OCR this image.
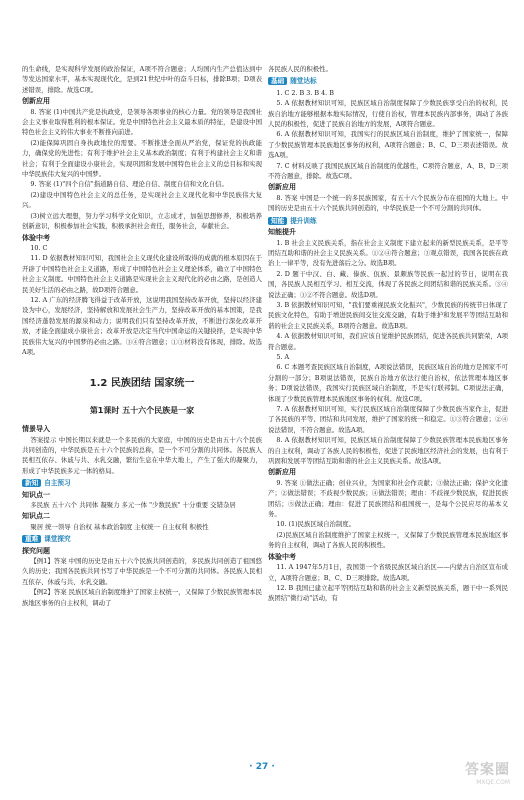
的生命线，是实现科学发展的政治保证，A项不符合题意；人均国内生产总值达到中等发达国家水平，基本实现现代化，是到21世纪中叶的奋斗目标，排除B项；D项表述错误，排除。故选C项。

创新应用

8. 答案 (1)中国共产党是执政党，是领导各项事业的核心力量。党的领导是我国社会主义事业取得胜利的根本保证。党是中国特色社会主义最本质的特征，是建设中国特色社会主义的伟大事业不断推向前进。

(2)能保障巩固自身执政地位的需要。不断推进全面从严治党，保证党的执政能力，确保党的先进性；有利于维护社会主义基本政治制度；有利于构建社会主义和谐社会；有利于全面建设小康社会，实现巩固和发展中国特色社会主义的总目标和实现中华民族伟大复兴的中国梦。

9. 答案 (1)"四个自信"指道路自信、理论自信、制度自信和文化自信。

(2)建设中国特色社会主义的总任务，是实现社会主义现代化和中华民族伟大复兴。

(3)树立远大理想，努力学习科学文化知识，立志成才，加强思想修养，积极培养创新意识，积极参加社会实践，积极承担社会责任，服务社会，奉献社会。

体验中考

10. C

11. D 依据教材知识可知，我国社会主义现代化建设所取得的成就的根本原因在于开辟了中国特色社会主义道路，形成了中国特色社会主义理论体系，确立了中国特色社会主义制度。中国特色社会主义道路是实现社会主义现代化的必由之路，是创造人民美好生活的必由之路，故D项符合题意。

12. A 广东的经济腾飞得益于改革开放，这说明我国坚持改革开放，坚持以经济建设为中心，发展经济，坚持解放和发展社会生产力，坚持改革开放的基本国策，是我国经济蓬勃发展的源泉和动力；说明我们只有坚持改革开放，不断进行深化改革开放，才能全面建成小康社会；改革开放是决定当代中国命运的关键抉择，是实现中华民族伟大复兴的中国梦的必由之路。③④符合题意；①③材料没有体现，排除。故选A项。

1.2 民族团结 国家统一
第1课时 五十六个民族是一家
情景导入

答案提示 中国长期以来就是一个多民族的大家庭，中国的历史是由五十六个民族共同创造的，中华民族是五十六个民族的总称，是一个不可分割的共同体。各民族人民相互依存、休戚与共、水乳交融，繁衍生息在中华大地上，产生了强大的凝聚力，形成了中华民族多元一体的格局。

新知 自主预习
知识点一

多民族 五十六个 共同体 凝聚力 多元一体 "少数民族" 十分重要 交错杂居

知识点二

聚居 统一领导 自治权 基本政治制度 主权统一 自主权利 积极性

重难 课堂探究
探究问题

【例1】答案 中国的历史是由五十六个民族共同创造的，多民族共同创造了祖国悠久的历史；我国各民族共同书写了中华民族是一个不可分割的共同体。各民族人民相互依存、休戚与共、水乳交融。

【例2】答案 民族区域自治制度维护了国家主权统一，又保障了少数民族管理本民族地区事务的自主权利，调动了

各民族人民的积极性。

基础 随堂达标

1. C 2. B 3. B 4. B

5. A 依据教材知识可知，民族区域自治制度保障了少数民族享受自治的权利，民族自治地方能够根据本地实际情况，行使自治权，管理本民族内部事务，调动了各族人民的积极性，促进了民族自治地方的发展，A项符合题意。

6. A 依据教材知识可知，我国实行的民族区域自治制度，维护了国家统一，保障了少数民族管理本民族地区事务的权利，A项符合题意；B、C、D三项表述错误。故选A项。

7. C 材料反映了我国民族区域自治制度的优越性，C项符合题意，A、B、D三项不符合题意，排除。故选C项。

创新应用

8. 答案 中国是一个统一的多民族国家，有五十六个民族分布在祖国的大地上。中国的历史是由五十六个民族共同创造的，中华民族是一个不可分割的共同体。

知能 提升训练
知能提升

1. B 社会主义民族关系，指在社会主义制度下建立起来的新型民族关系，是平等团结互助和谐的社会主义民族关系。①②④符合题意；③观点错误，我国各民族在政治上一律平等，没有先进落后之分。故选B项。

2. D 题干中汉、白、藏、傣族、佤族、景颇族等民族一起过的节日，说明在我国，各民族人民相互学习、相互交流，体现了各民族之间团结和谐的民族关系。③④说法正确；①②不符合题意。故选D项。

3. B 依据教材知识可知，"我们要重视民族文化振兴"，少数民族的传统节日体现了民族文化特色，有助于增进民族间交往交流交融，有助于维护和发展平等团结互助和谐的社会主义民族关系，B项符合题意。故选B项。

4. A 依据教材知识可知，我们应该自觉维护民族团结，促进各民族共同繁荣，A项符合题意。

5. A

6. C 本题考查民族区域自治制度，A项说法错误，民族区域自治的地方是国家不可分割的一部分；B项说法错误，民族自治地方依法行使自治权，依法管理本地区事务；D项说法错误，我国实行民族区域自治制度，不是实行联邦制。C项说法正确，体现了少数民族管理本民族地区事务的权利。故选C项。

7. A 依据教材知识可知，实行民族区域自治制度保障了少数民族当家作主，促进了各民族的平等、团结和共同发展，维护了国家的统一和稳定。①③符合题意；②④说法错误，不符合题意。故选A项。

8. A 依据教材知识可知，民族区域自治制度保障了少数民族管理本民族地区事务的自主权利，调动了各族人民的积极性，促进了民族地区经济社会的发展，也有利于巩固和发展平等团结互助和谐的社会主义民族关系。故选A项。

创新应用

9. 答案 ①做法正确；创业兴业，为国家和社会作贡献；③做法正确；保护文化遗产；②做法错误；不歧视少数民族；④做法错误；理由：不歧视少数民族，促进民族团结；⑤做法正确；理由：促进了民族团结和祖国统一，是每个公民应尽的基本义务。

10. (1)民族区域自治制度。

(2)民族区域自治制度维护了国家主权统一，又保障了少数民族管理本民族地区事务的自主权利，调动了各族人民的积极性。

体验中考

11. A 1947年5月1日，我国第一个省级民族区域自治区——内蒙古自治区宣布成立，A项符合题意；B、C、D三项排除。故选A项。

12. B 我国已建立起平等团结互助和谐的社会主义新型民族关系，题干中一系列民族团结"微行动"活动，有

· 27 ·	答案圈
MXQE.COM
